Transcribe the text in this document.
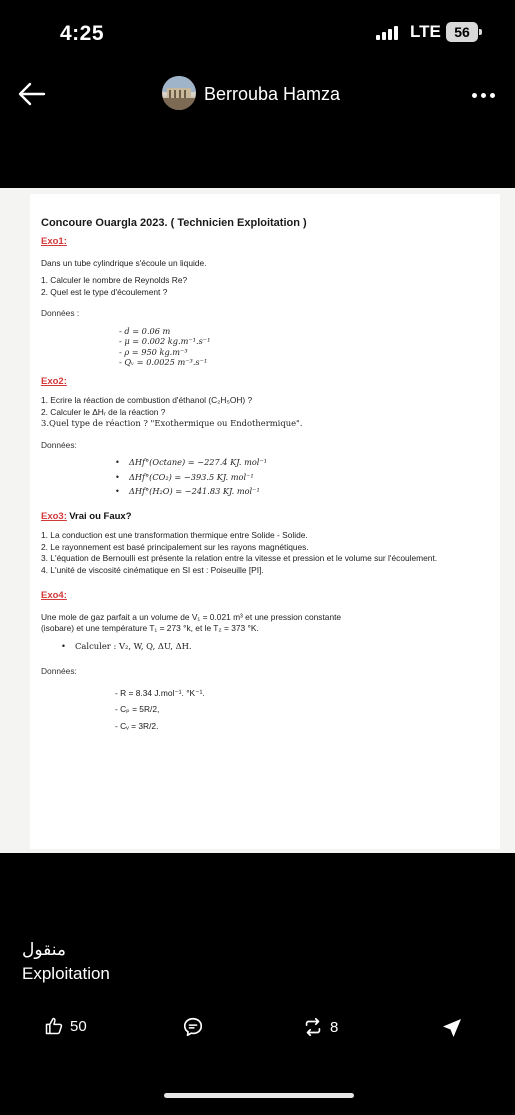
4:25	LTE 56
Berrouba Hamza
Concoure Ouargla 2023. ( Technicien Exploitation )
Exo1:
Dans un tube cylindrique s'écoule un liquide.
1. Calculer le nombre de Reynolds Re?
2. Quel est le type d'écoulement ?
Données :
- d = 0.06 m
- μ = 0.002 kg.m⁻¹.s⁻¹
- ρ = 950 kg.m⁻³
- Qᵥ = 0.0025 m⁻³.s⁻¹
Exo2:
1. Ecrire la réaction de combustion d'éthanol (C₂H₅OH) ?
2. Calculer le ΔHᵣ de la réaction ?
3.Quel type de réaction ? "Exothermique ou Endothermique".
Données:
• ΔHf°(Octane) = −227.4 KJ. mol⁻¹
• ΔHf°(CO₂) = −393.5 KJ. mol⁻¹
• ΔHf°(H₂O) = −241.83 KJ. mol⁻¹
Exo3: Vrai ou Faux?
1. La conduction est une transformation thermique entre Solide - Solide.
2. Le rayonnement est basé principalement sur les rayons magnétiques.
3. L'équation de Bernoulli est présente la relation entre la vitesse et pression et le volume sur l'écoulement.
4. L'unité de viscosité cinématique en SI est : Poiseuille [PI].
Exo4:
Une mole de gaz parfait a un volume de V₁ = 0.021 m³ et une pression constante
(isobare) et une température T₁ = 273 °k, et le T₂ = 373 °K.
• Calculer : V₂, W, Q, ΔU, ΔH.
Données:
- R = 8.34 J.mol⁻¹. °K⁻¹.
- Cₚ = 5R/2,
- Cᵥ = 3R/2.
منقول
Exploitation
50	8
